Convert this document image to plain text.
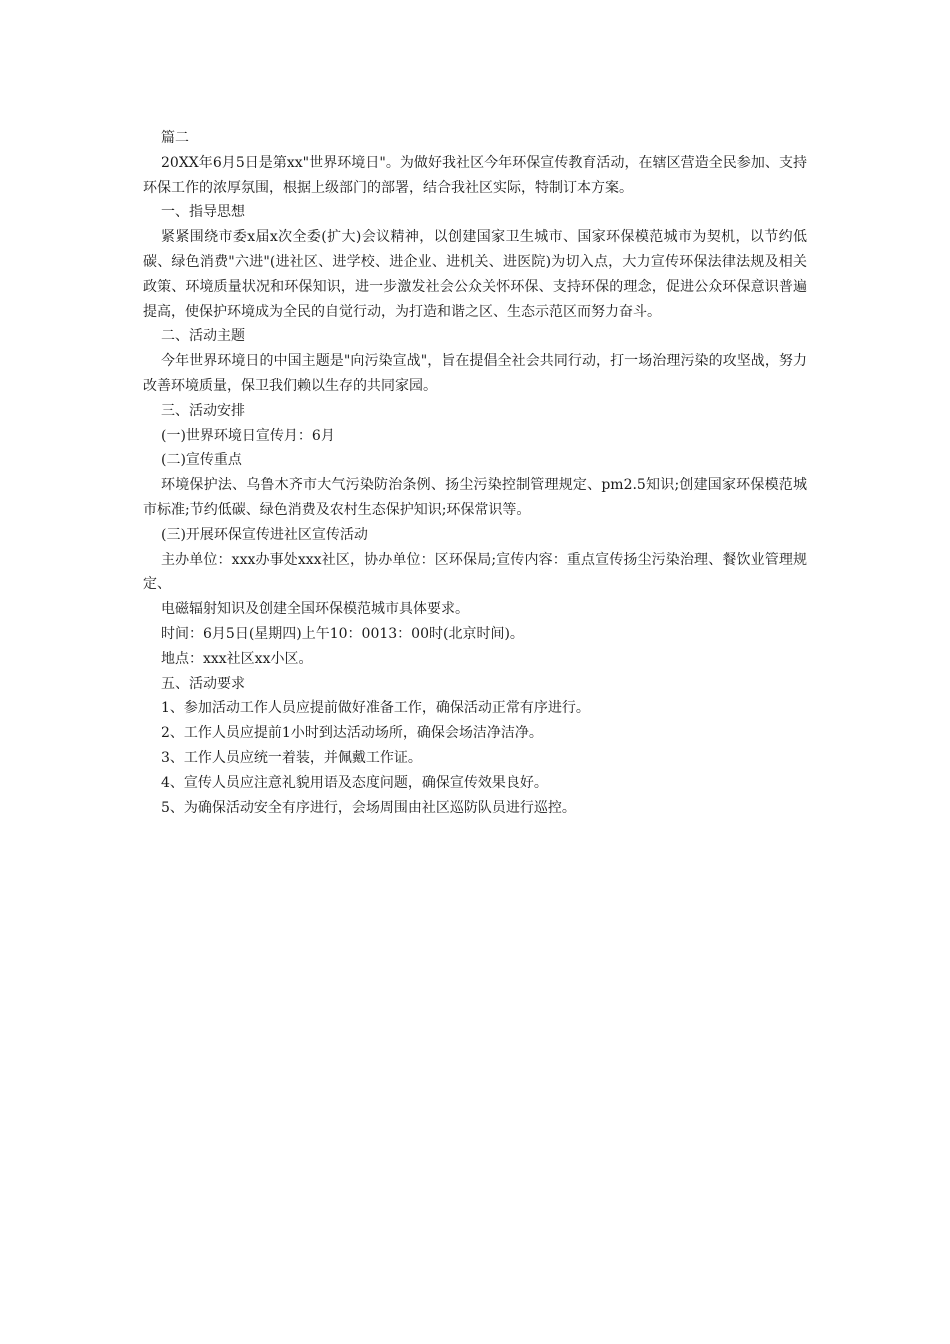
篇二

20XX年6月5日是第xx"世界环境日"。为做好我社区今年环保宣传教育活动，在辖区营造全民参加、支持环保工作的浓厚氛围，根据上级部门的部署，结合我社区实际，特制订本方案。

一、指导思想

紧紧围绕市委x届x次全委(扩大)会议精神，以创建国家卫生城市、国家环保模范城市为契机，以节约低碳、绿色消费"六进"(进社区、进学校、进企业、进机关、进医院)为切入点，大力宣传环保法律法规及相关政策、环境质量状况和环保知识，进一步激发社会公众关怀环保、支持环保的理念，促进公众环保意识普遍提高，使保护环境成为全民的自觉行动，为打造和谐之区、生态示范区而努力奋斗。

二、活动主题

今年世界环境日的中国主题是"向污染宣战"，旨在提倡全社会共同行动，打一场治理污染的攻坚战，努力改善环境质量，保卫我们赖以生存的共同家园。

三、活动安排

(一)世界环境日宣传月：6月

(二)宣传重点

环境保护法、乌鲁木齐市大气污染防治条例、扬尘污染控制管理规定、pm2.5知识;创建国家环保模范城市标准;节约低碳、绿色消费及农村生态保护知识;环保常识等。

(三)开展环保宣传进社区宣传活动

主办单位：xxx办事处xxx社区，协办单位：区环保局;宣传内容：重点宣传扬尘污染治理、餐饮业管理规定、

电磁辐射知识及创建全国环保模范城市具体要求。

时间：6月5日(星期四)上午10：0013：00时(北京时间)。

地点：xxx社区xx小区。

五、活动要求

1、参加活动工作人员应提前做好准备工作，确保活动正常有序进行。

2、工作人员应提前1小时到达活动场所，确保会场洁净洁净。

3、工作人员应统一着装，并佩戴工作证。

4、宣传人员应注意礼貌用语及态度问题，确保宣传效果良好。

5、为确保活动安全有序进行，会场周围由社区巡防队员进行巡控。
